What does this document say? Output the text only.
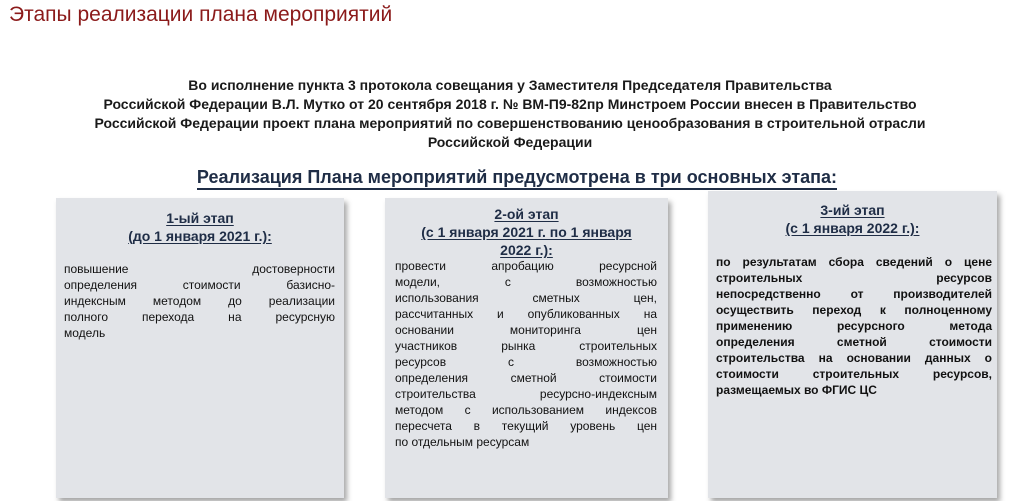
Этапы реализации плана мероприятий
Во исполнение пункта 3 протокола совещания у Заместителя Председателя Правительства
Российской Федерации В.Л. Мутко от 20 сентября 2018 г. № ВМ-П9-82пр Минстроем России внесен в Правительство
Российской Федерации проект плана мероприятий по совершенствованию ценообразования в строительной отрасли
Российской Федерации
Реализация Плана мероприятий предусмотрена в три основных этапа:
1-ый этап
(до 1 января 2021 г.):
повышение достоверности
определения стоимости базисно-
индексным методом до реализации
полного перехода на ресурсную
модель
2-ой этап
(с 1 января 2021 г. по 1 января
2022 г.):
провести апробацию ресурсной
модели, с возможностью
использования сметных цен,
рассчитанных и опубликованных на
основании мониторинга цен
участников рынка строительных
ресурсов с возможностью
определения сметной стоимости
строительства ресурсно-индексным
методом с использованием индексов
пересчета в текущий уровень цен
по отдельным ресурсам
3-ий этап
(с 1 января 2022 г.):
по результатам сбора сведений о цене
строительных ресурсов
непосредственно от производителей
осуществить переход к полноценному
применению ресурсного метода
определения сметной стоимости
строительства на основании данных о
стоимости строительных ресурсов,
размещаемых во ФГИС ЦС
